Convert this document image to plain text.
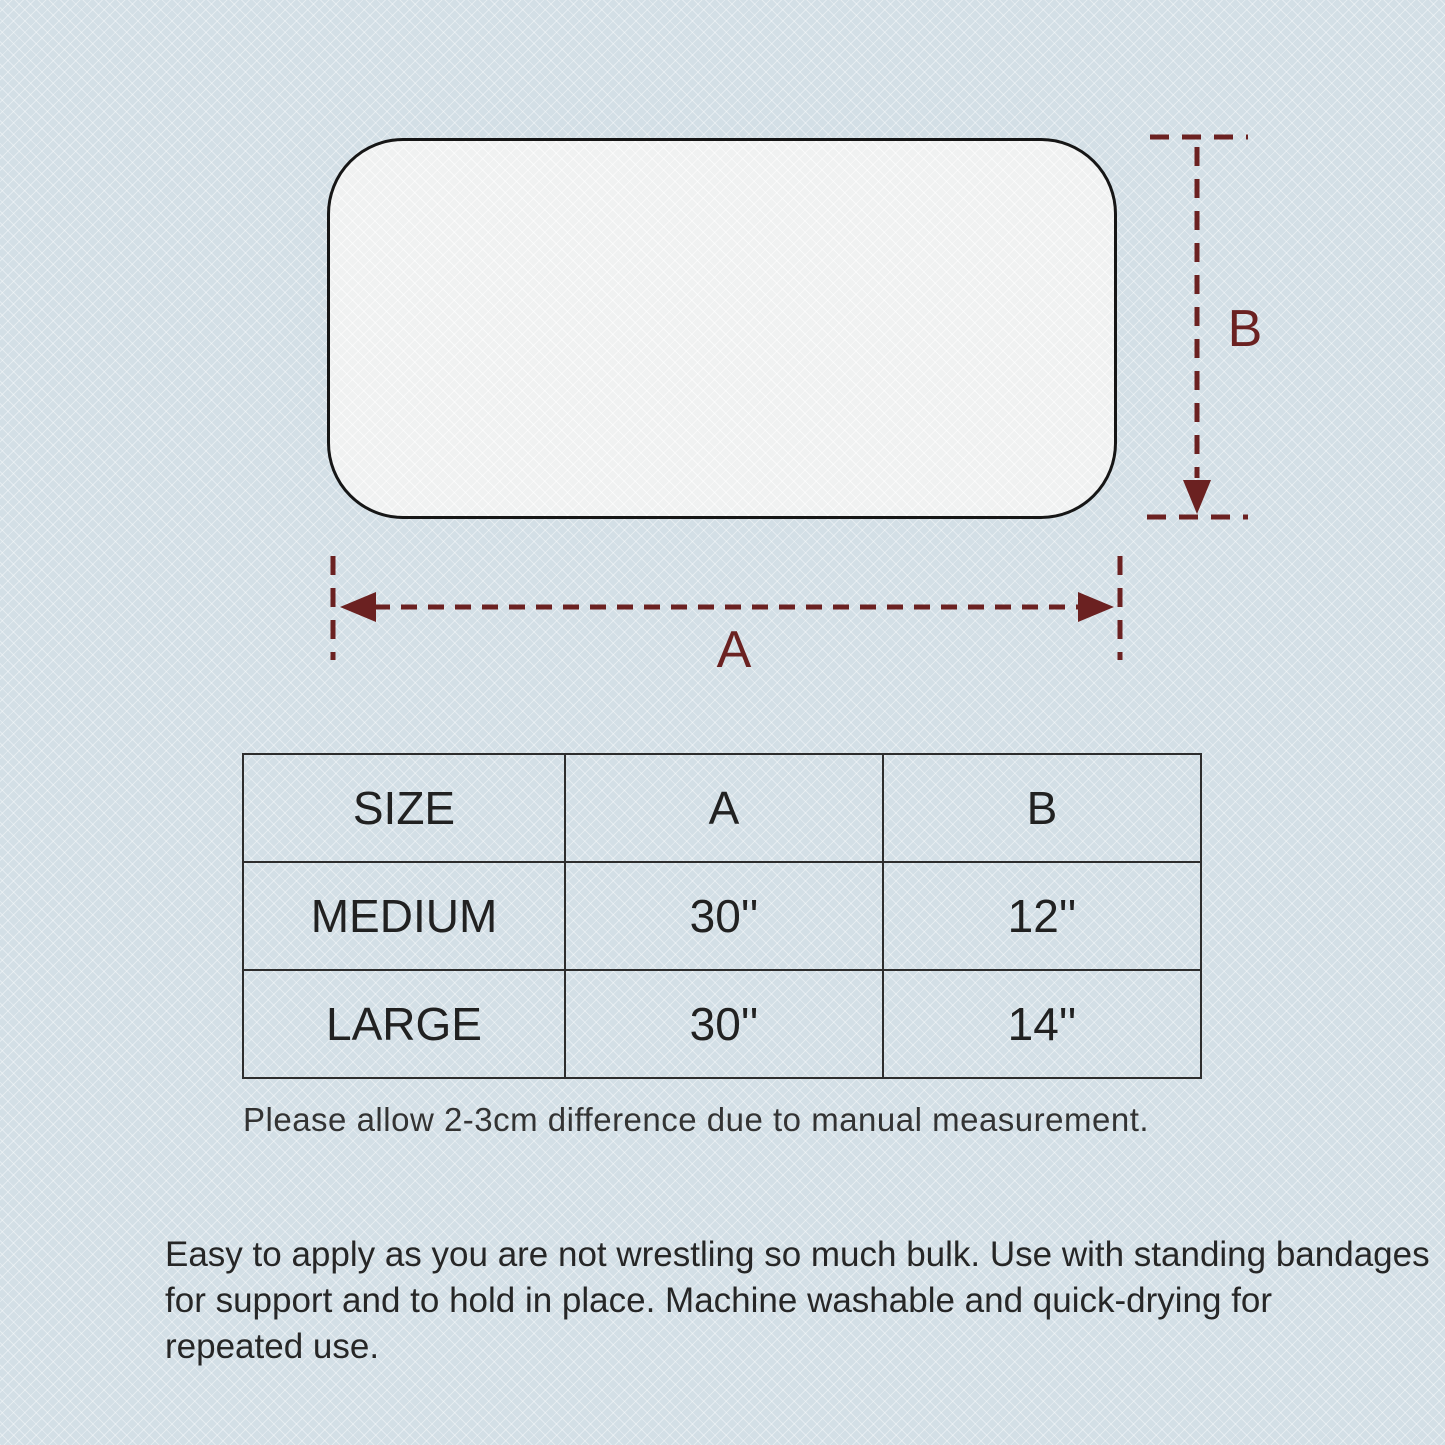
A
B
SIZE	A	B
MEDIUM	30''	12''
LARGE	30''	14''
Please allow 2-3cm difference due to manual measurement.
Easy to apply as you are not wrestling so much bulk. Use with standing bandages
for support and to hold in place. Machine washable and quick-drying for
repeated use.
